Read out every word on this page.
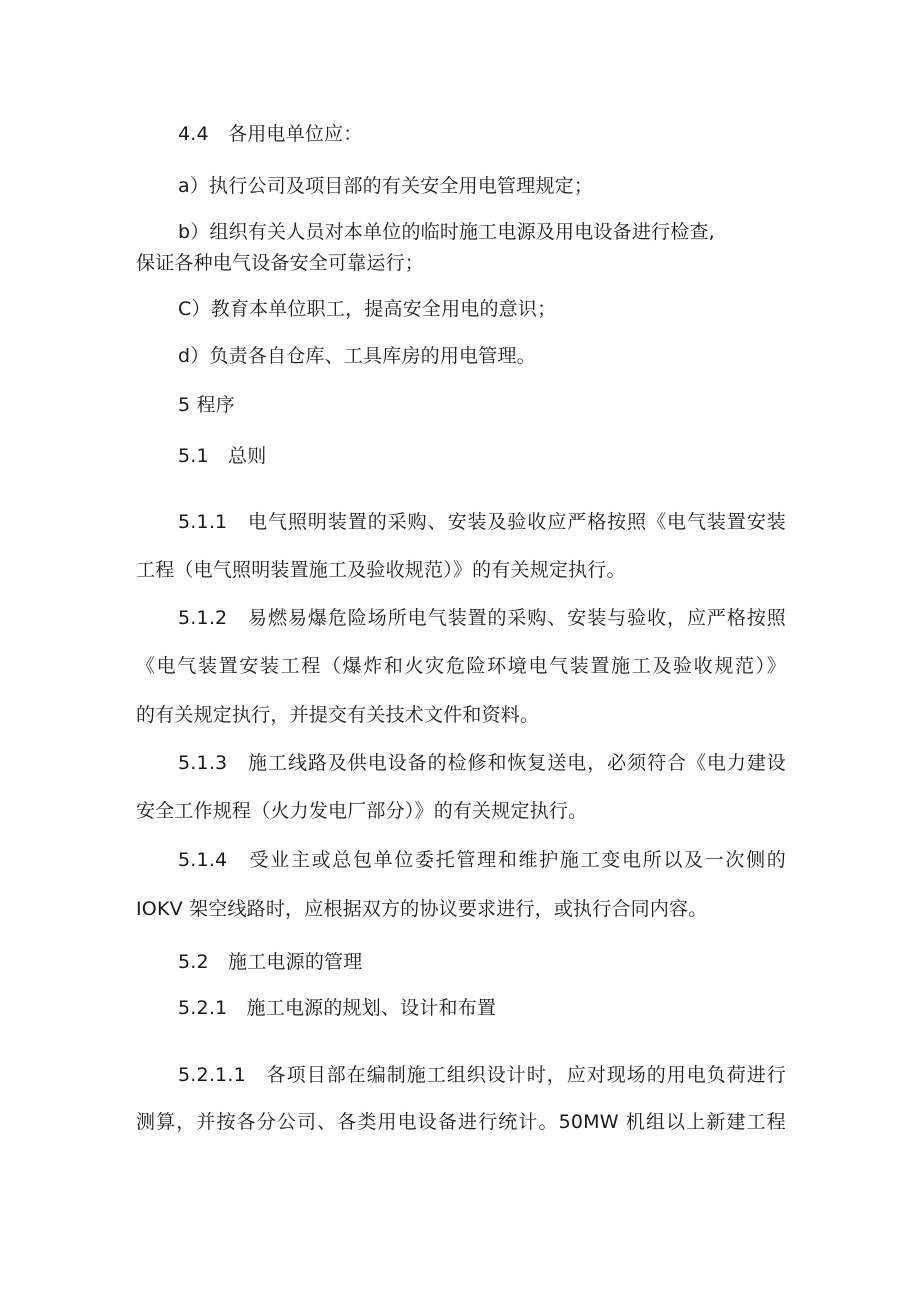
4.4　各用电单位应：
a）执行公司及项目部的有关安全用电管理规定；
b）组织有关人员对本单位的临时施工电源及用电设备进行检查,
保证各种电气设备安全可靠运行；
C）教育本单位职工，提高安全用电的意识；
d）负责各自仓库、工具库房的用电管理。
5 程序
5.1　总则
5.1.1　电气照明装置的采购、安装及验收应严格按照《电气装置安装
工程（电气照明装置施工及验收规范）》的有关规定执行。
5.1.2　易燃易爆危险场所电气装置的采购、安装与验收，应严格按照
《电气装置安装工程（爆炸和火灾危险环境电气装置施工及验收规范）》
的有关规定执行，并提交有关技术文件和资料。
5.1.3　施工线路及供电设备的检修和恢复送电，必须符合《电力建设
安全工作规程（火力发电厂部分）》的有关规定执行。
5.1.4　受业主或总包单位委托管理和维护施工变电所以及一次侧的
IOKV 架空线路时，应根据双方的协议要求进行，或执行合同内容。
5.2　施工电源的管理
5.2.1　施工电源的规划、设计和布置
5.2.1.1　各项目部在编制施工组织设计时，应对现场的用电负荷进行
测算，并按各分公司、各类用电设备进行统计。50MW 机组以上新建工程
